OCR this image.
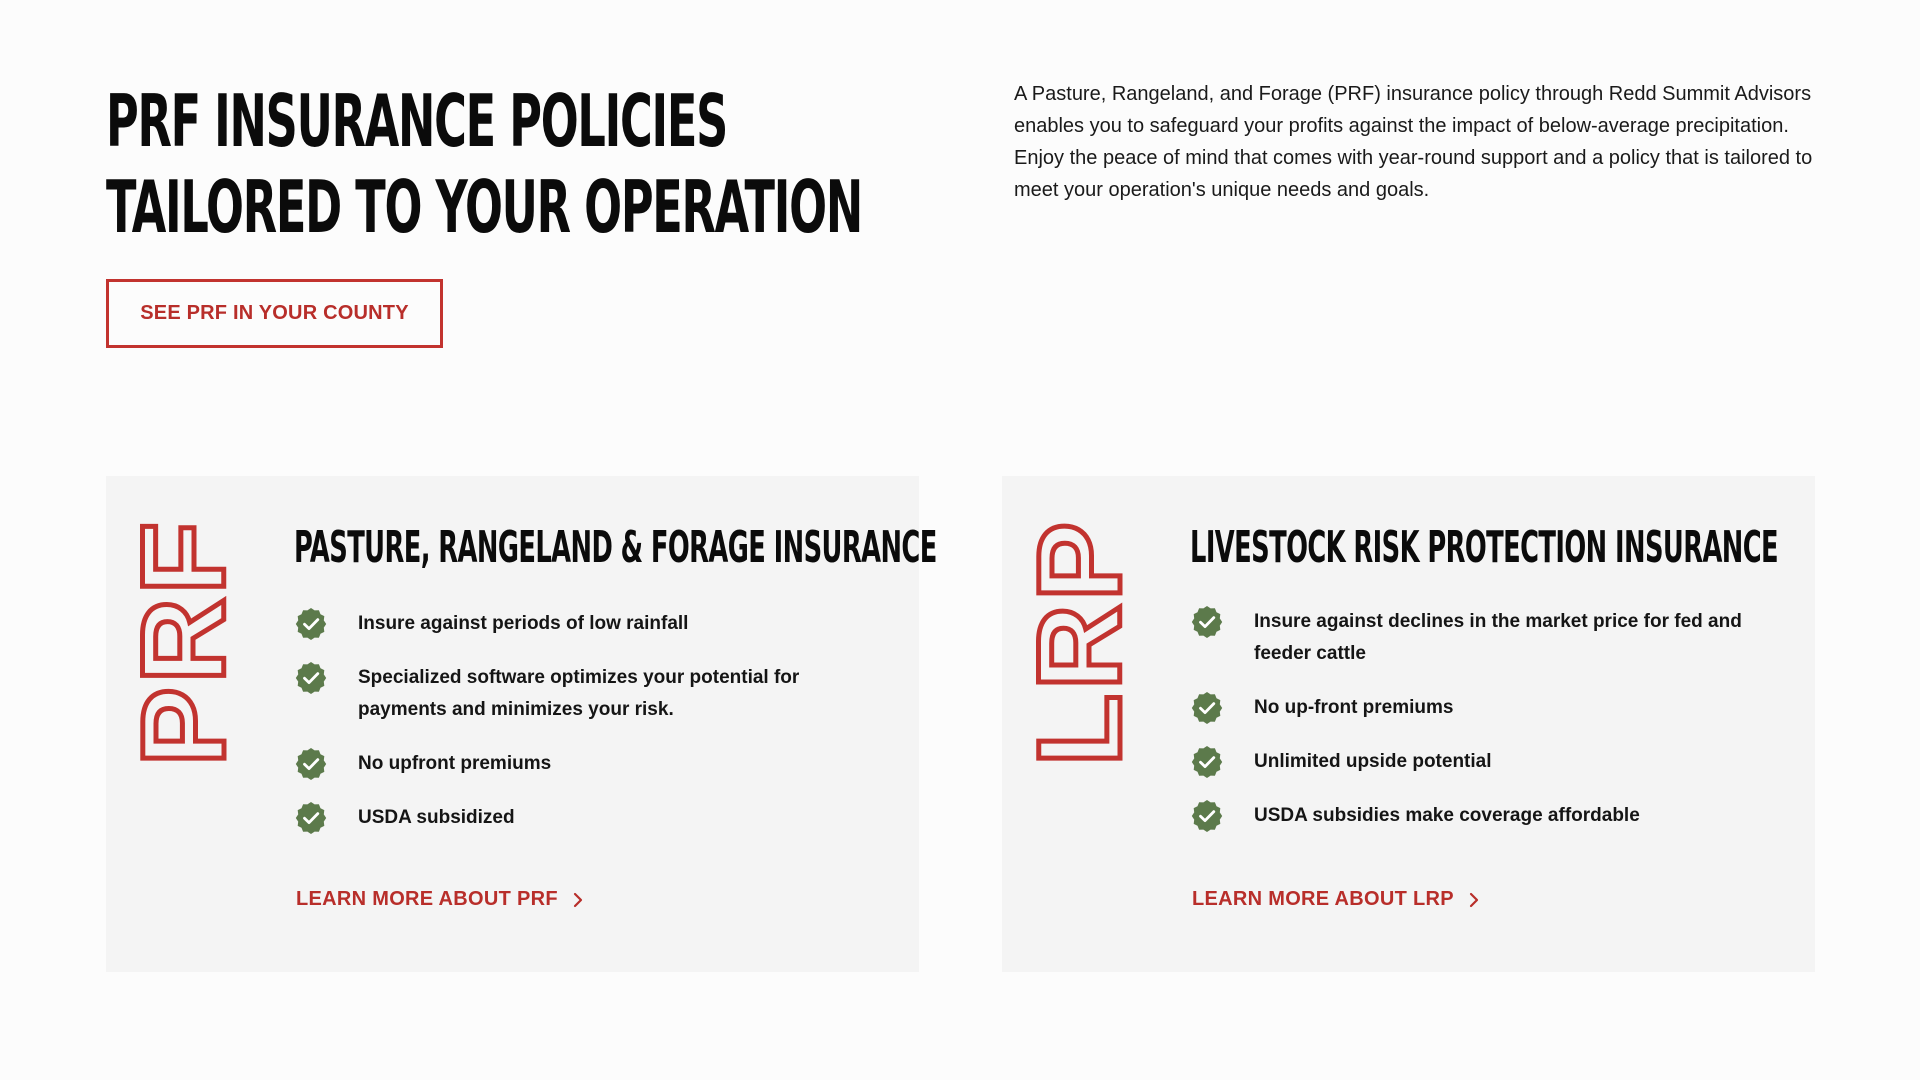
PRF INSURANCE POLICIES TAILORED TO YOUR OPERATION

A Pasture, Rangeland, and Forage (PRF) insurance policy through Redd Summit Advisors enables you to safeguard your profits against the impact of below-average precipitation. Enjoy the peace of mind that comes with year-round support and a policy that is tailored to meet your operation's unique needs and goals.

SEE PRF IN YOUR COUNTY
PRF PASTURE, RANGELAND & FORAGE INSURANCE
Insure against periods of low rainfall
Specialized software optimizes your potential for payments and minimizes your risk.
No upfront premiums
USDA subsidized
LEARN MORE ABOUT PRF
LRP LIVESTOCK RISK PROTECTION INSURANCE
Insure against declines in the market price for fed and feeder cattle
No up-front premiums
Unlimited upside potential
USDA subsidies make coverage affordable
LEARN MORE ABOUT LRP
